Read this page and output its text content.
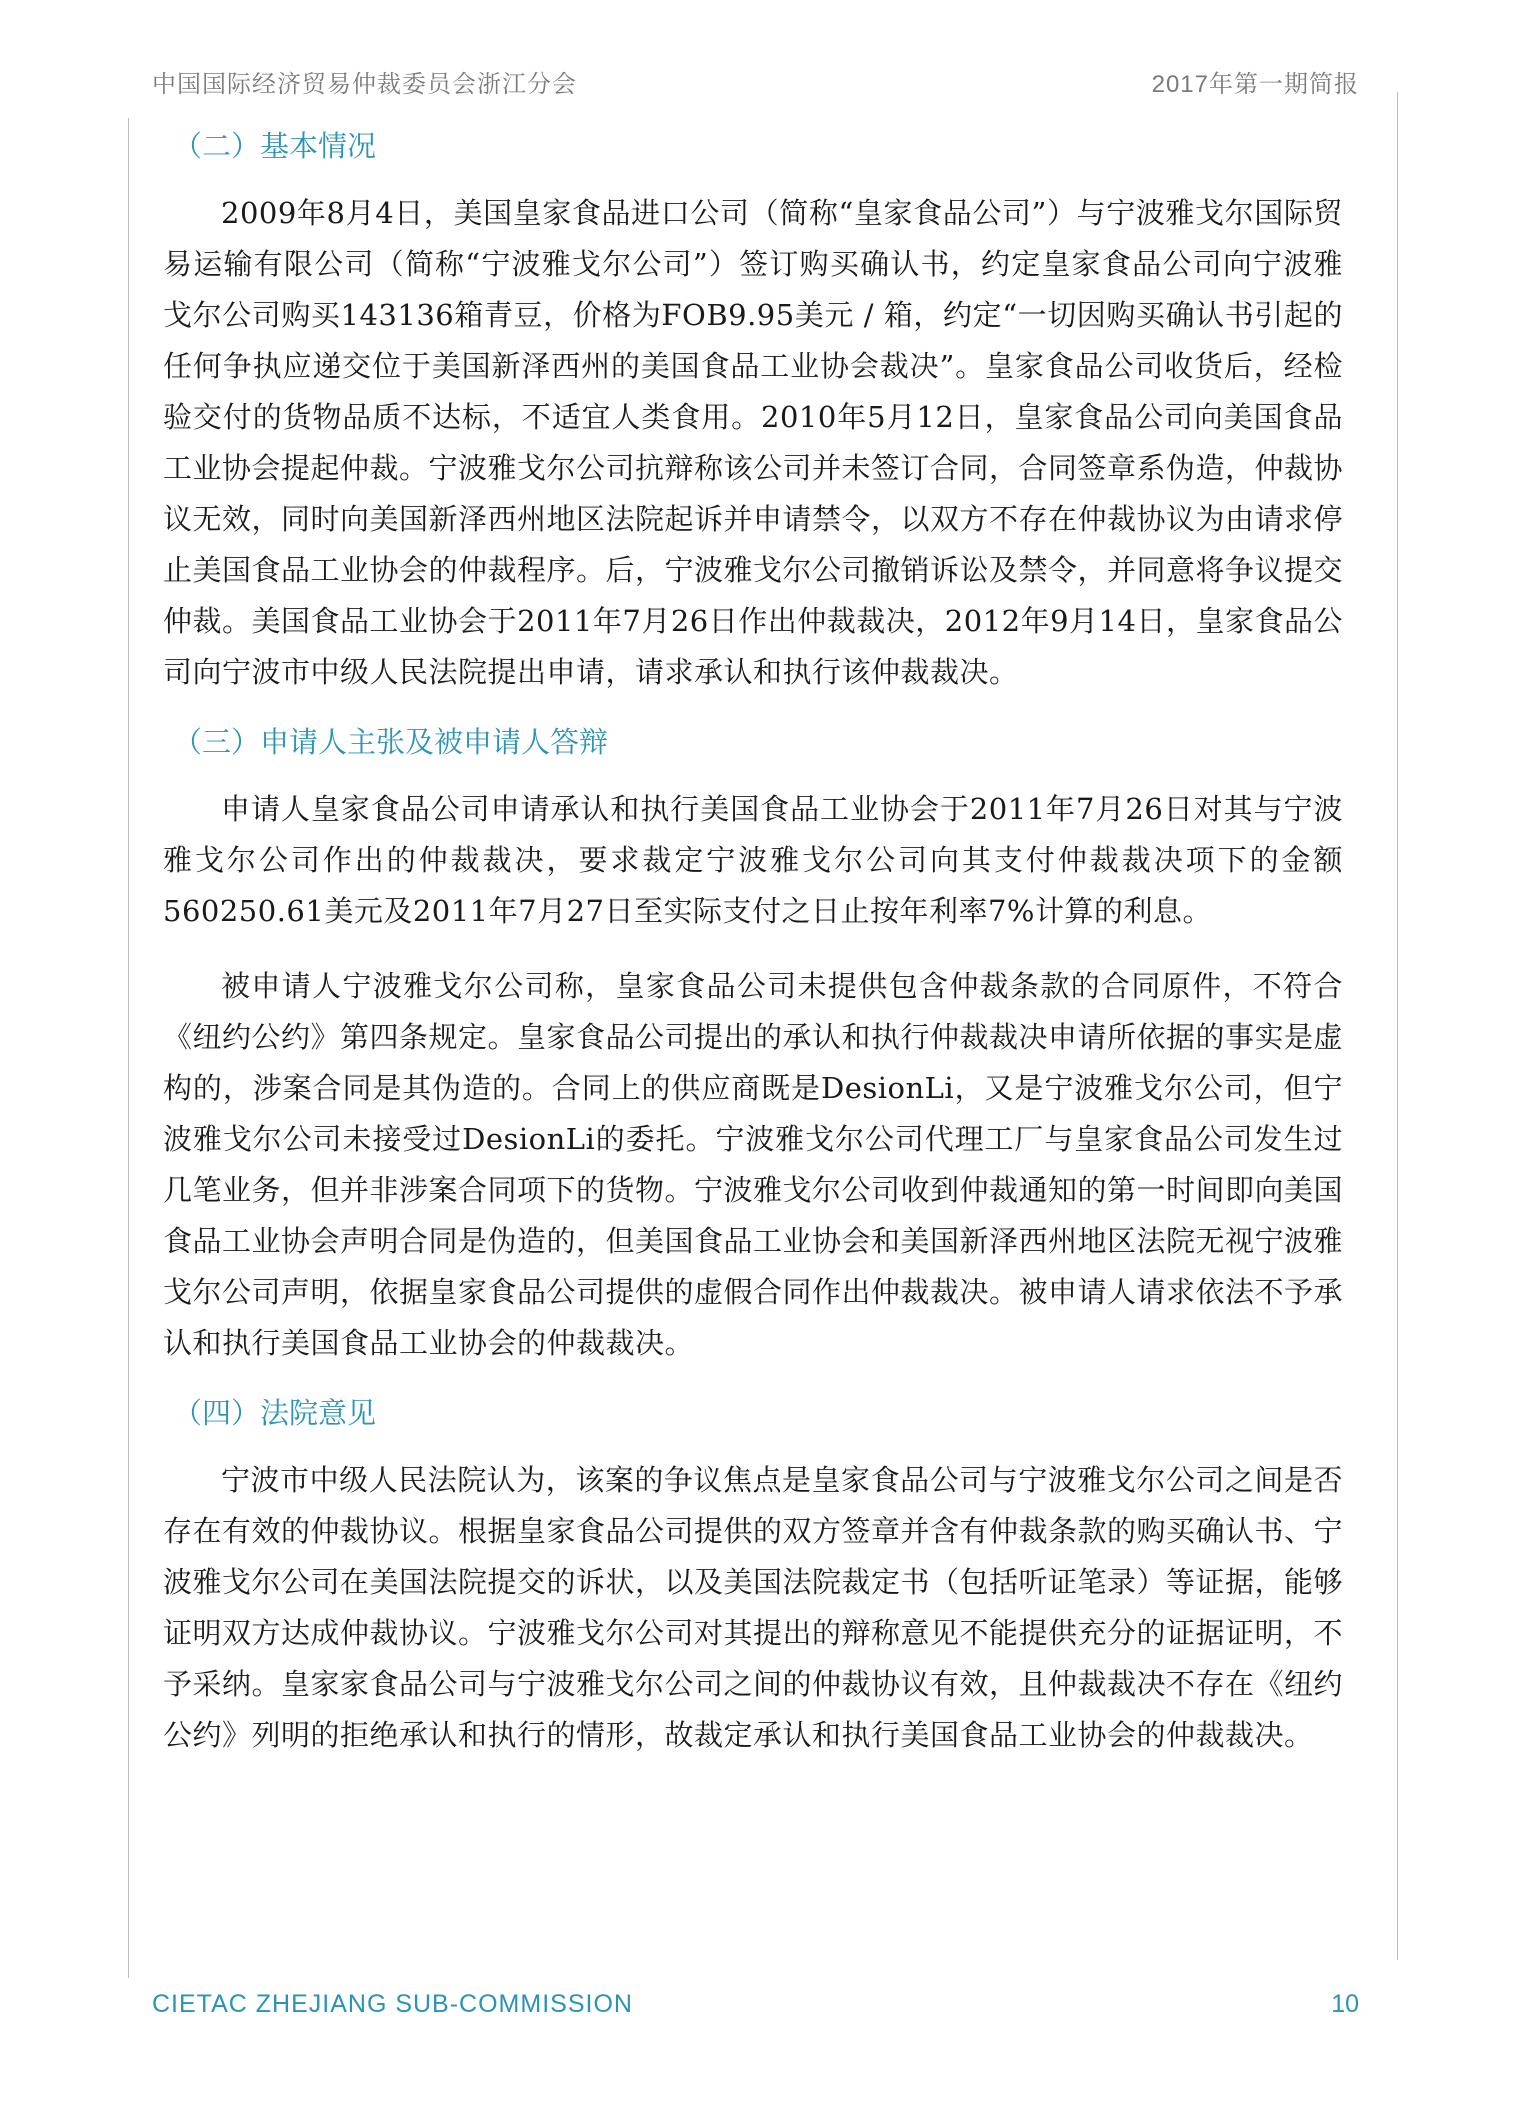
中国国际经济贸易仲裁委员会浙江分会	2017年第一期简报
（二）基本情况

2009年8月4日，美国皇家食品进口公司（简称“皇家食品公司”）与宁波雅戈尔国际贸易运输有限公司（简称“宁波雅戈尔公司”）签订购买确认书，约定皇家食品公司向宁波雅戈尔公司购买143136箱青豆，价格为FOB9.95美元 / 箱，约定“一切因购买确认书引起的任何争执应递交位于美国新泽西州的美国食品工业协会裁决”。皇家食品公司收货后，经检验交付的货物品质不达标，不适宜人类食用。2010年5月12日，皇家食品公司向美国食品工业协会提起仲裁。宁波雅戈尔公司抗辩称该公司并未签订合同，合同签章系伪造，仲裁协议无效，同时向美国新泽西州地区法院起诉并申请禁令，以双方不存在仲裁协议为由请求停止美国食品工业协会的仲裁程序。后，宁波雅戈尔公司撤销诉讼及禁令，并同意将争议提交仲裁。美国食品工业协会于2011年7月26日作出仲裁裁决，2012年9月14日，皇家食品公司向宁波市中级人民法院提出申请，请求承认和执行该仲裁裁决。

（三）申请人主张及被申请人答辩

申请人皇家食品公司申请承认和执行美国食品工业协会于2011年7月26日对其与宁波雅戈尔公司作出的仲裁裁决，要求裁定宁波雅戈尔公司向其支付仲裁裁决项下的金额560250.61美元及2011年7月27日至实际支付之日止按年利率7%计算的利息。

被申请人宁波雅戈尔公司称，皇家食品公司未提供包含仲裁条款的合同原件，不符合《纽约公约》第四条规定。皇家食品公司提出的承认和执行仲裁裁决申请所依据的事实是虚构的，涉案合同是其伪造的。合同上的供应商既是DesionLi，又是宁波雅戈尔公司，但宁波雅戈尔公司未接受过DesionLi的委托。宁波雅戈尔公司代理工厂与皇家食品公司发生过几笔业务，但并非涉案合同项下的货物。宁波雅戈尔公司收到仲裁通知的第一时间即向美国食品工业协会声明合同是伪造的，但美国食品工业协会和美国新泽西州地区法院无视宁波雅戈尔公司声明，依据皇家食品公司提供的虚假合同作出仲裁裁决。被申请人请求依法不予承认和执行美国食品工业协会的仲裁裁决。

（四）法院意见

宁波市中级人民法院认为，该案的争议焦点是皇家食品公司与宁波雅戈尔公司之间是否存在有效的仲裁协议。根据皇家食品公司提供的双方签章并含有仲裁条款的购买确认书、宁波雅戈尔公司在美国法院提交的诉状，以及美国法院裁定书（包括听证笔录）等证据，能够证明双方达成仲裁协议。宁波雅戈尔公司对其提出的辩称意见不能提供充分的证据证明，不予采纳。皇家家食品公司与宁波雅戈尔公司之间的仲裁协议有效，且仲裁裁决不存在《纽约公约》列明的拒绝承认和执行的情形，故裁定承认和执行美国食品工业协会的仲裁裁决。

CIETAC ZHEJIANG SUB-COMMISSION	10
